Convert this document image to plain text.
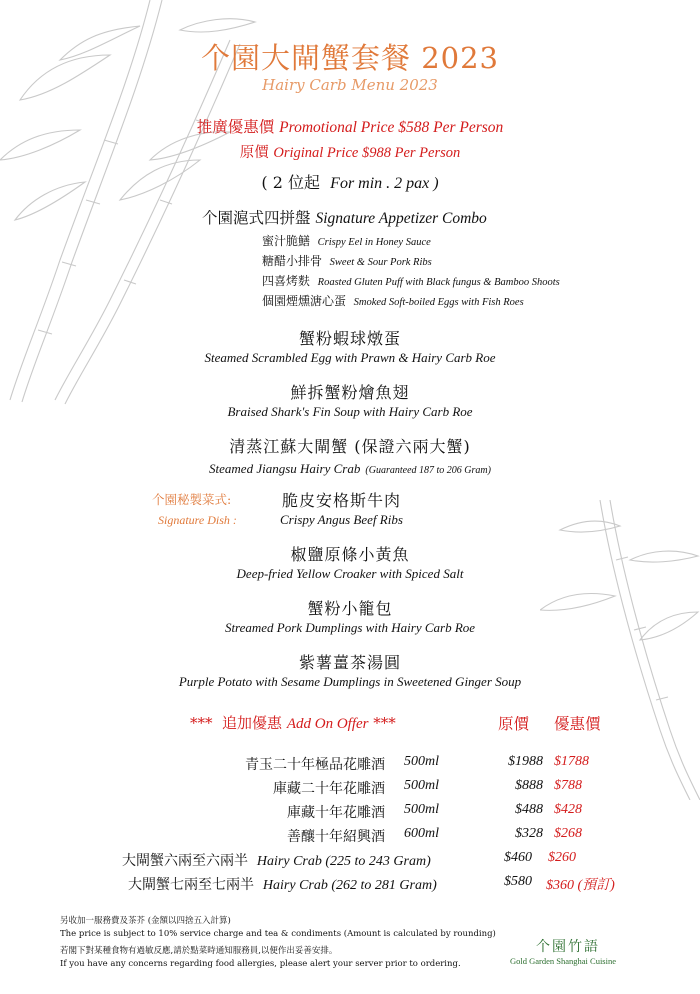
个園大閘蟹套餐 2023
Hairy Carb Menu 2023
推廣優惠價 Promotional Price $588 Per Person
原價 Original Price $988 Per Person
( 2 位起 For min . 2 pax )
个園滬式四拼盤 Signature Appetizer Combo
蜜汁脆鱔 Crispy Eel in Honey Sauce
糖醋小排骨 Sweet & Sour Pork Ribs
四喜烤麩 Roasted Gluten Puff with Black fungus & Bamboo Shoots
個園煙燻溏心蛋 Smoked Soft-boiled Eggs with Fish Roes
蟹粉蝦球燉蛋
Steamed Scrambled Egg with Prawn & Hairy Carb Roe
鮮拆蟹粉燴魚翅
Braised Shark's Fin Soup with Hairy Carb Roe
清蒸江蘇大閘蟹 (保證六兩大蟹)
Steamed Jiangsu Hairy Crab (Guaranteed 187 to 206 Gram)
个園秘製菜式:
Signature Dish :
脆皮安格斯牛肉
Crispy Angus Beef Ribs
椒鹽原條小黃魚
Deep-fried Yellow Croaker with Spiced Salt
蟹粉小籠包
Streamed Pork Dumplings with Hairy Carb Roe
紫薯薑茶湯圓
Purple Potato with Sesame Dumplings in Sweetened Ginger Soup
*** 追加優惠 Add On Offer ***	原價 優惠價
青玉二十年極品花雕酒 500ml	$1988 $1788
庫藏二十年花雕酒 500ml	$888 $788
庫藏十年花雕酒 500ml	$488 $428
善釀十年紹興酒 600ml	$328 $268
大閘蟹六兩至六兩半 Hairy Crab (225 to 243 Gram)	$460 $260
大閘蟹七兩至七兩半 Hairy Crab (262 to 281 Gram)	$580 $360 (預訂)
另收加一服務費及茶芥 (金額以四捨五入計算)
The price is subject to 10% service charge and tea & condiments (Amount is calculated by rounding)
若閣下對某種食物有過敏反應,請於點菜時通知服務員,以便作出妥善安排。
If you have any concerns regarding food allergies, please alert your server prior to ordering.
个園竹語
Gold Garden Shanghai Cuisine
